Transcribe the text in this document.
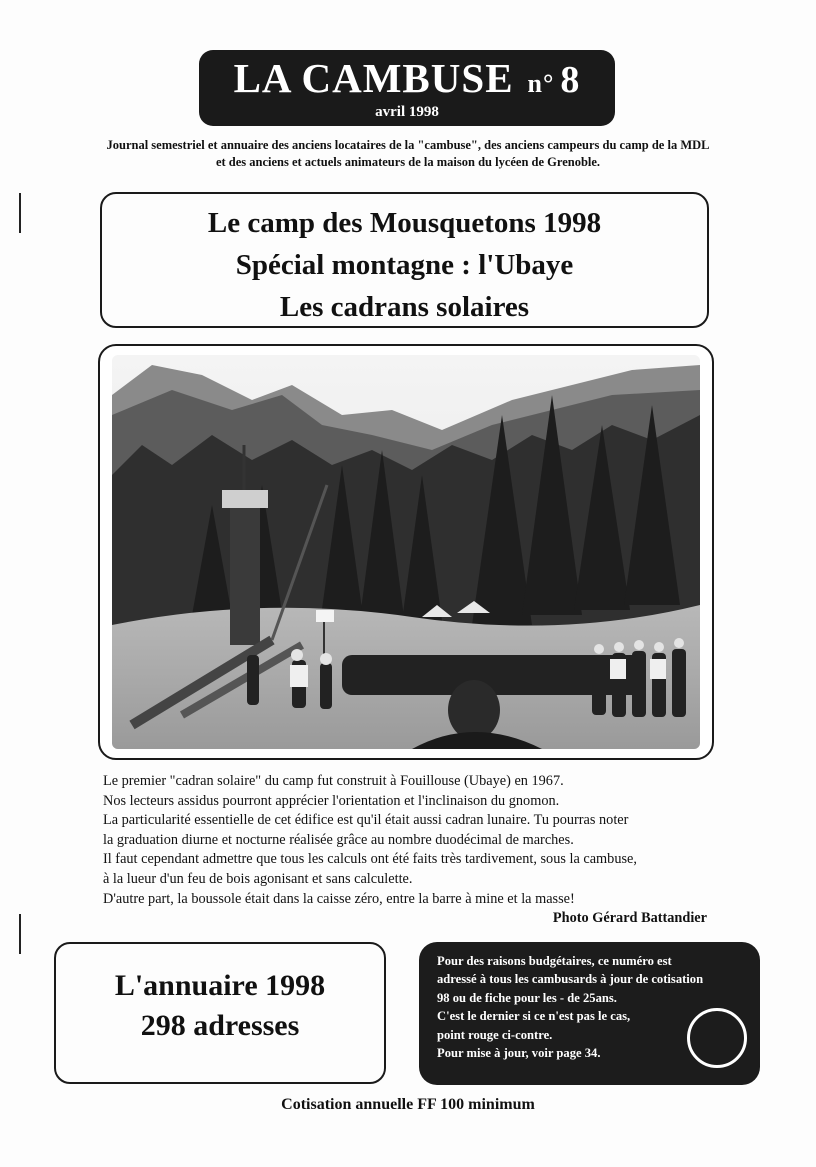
LA CAMBUSE n° 8
avril 1998
Journal semestriel et annuaire des anciens locataires de la "cambuse", des anciens campeurs du camp de la MDL
et des anciens et actuels animateurs de la maison du lycéen de Grenoble.
Le camp des Mousquetons 1998
Spécial montagne : l'Ubaye
Les cadrans solaires
Le premier "cadran solaire" du camp fut construit à Fouillouse (Ubaye) en 1967.
Nos lecteurs assidus pourront apprécier l'orientation et l'inclinaison du gnomon.
La particularité essentielle de cet édifice est qu'il était aussi cadran lunaire. Tu pourras noter
la graduation diurne et nocturne réalisée grâce au nombre duodécimal de marches.
Il faut cependant admettre que tous les calculs ont été faits très tardivement, sous la cambuse,
à la lueur d'un feu de bois agonisant et sans calculette.
D'autre part, la boussole était dans la caisse zéro, entre la barre à mine et la masse!
Photo Gérard Battandier
L'annuaire 1998
298 adresses
Pour des raisons budgétaires, ce numéro est
adressé à tous les cambusards à jour de cotisation
98 ou de fiche pour les - de 25ans.
C'est le dernier si ce n'est pas le cas,
point rouge ci-contre.
Pour mise à jour, voir page 34.
Cotisation annuelle FF 100 minimum
